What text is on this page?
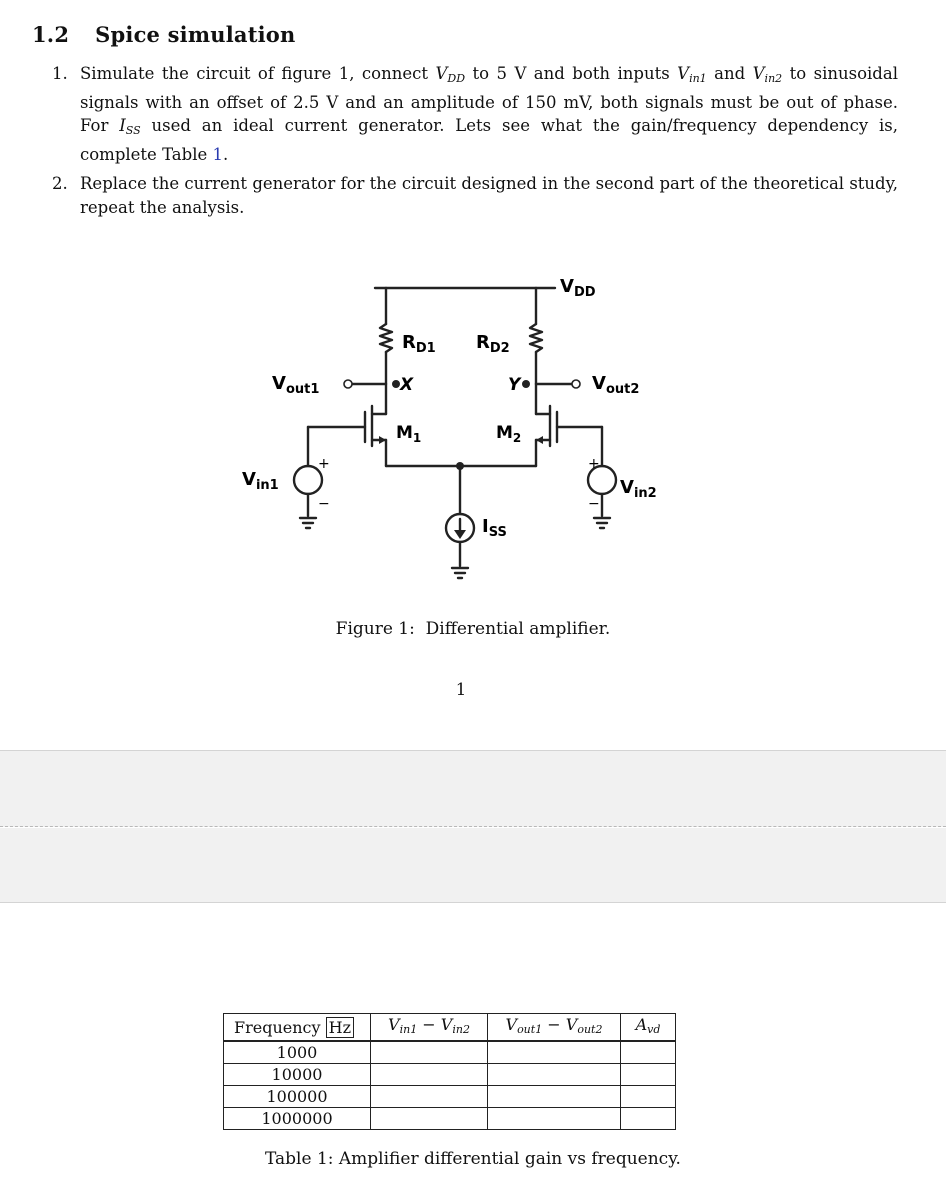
1.2 Spice simulation
1. Simulate the circuit of figure 1, connect $V_{DD}$ to 5 V and both inputs $V_{in1}$ and $V_{in2}$ to sinusoidal signals with an offset of 2.5 V and an amplitude of 150 mV, both signals must be out of phase. For $I_{SS}$ used an ideal current generator. Lets see what the gain/frequency dependency is, complete Table 1.
2. Replace the current generator for the circuit designed in the second part of the theoretical study, repeat the analysis.
$V_{DD}$
$R_{D1}$ $R_{D2}$
$V_{out1}$	$V_{out2}$
X	Y
$M_1$	$M_2$
$V_{in1}$	$V_{in2}$
$I_{SS}$
+
−
+
−
Figure 1: Differential amplifier.
1
Frequency Hz	$V_{in1} - V_{in2}$	$V_{out1} - V_{out2}$	$A_{vd}$
1000			
10000			
100000			
1000000			
Table 1: Amplifier differential gain vs frequency.
